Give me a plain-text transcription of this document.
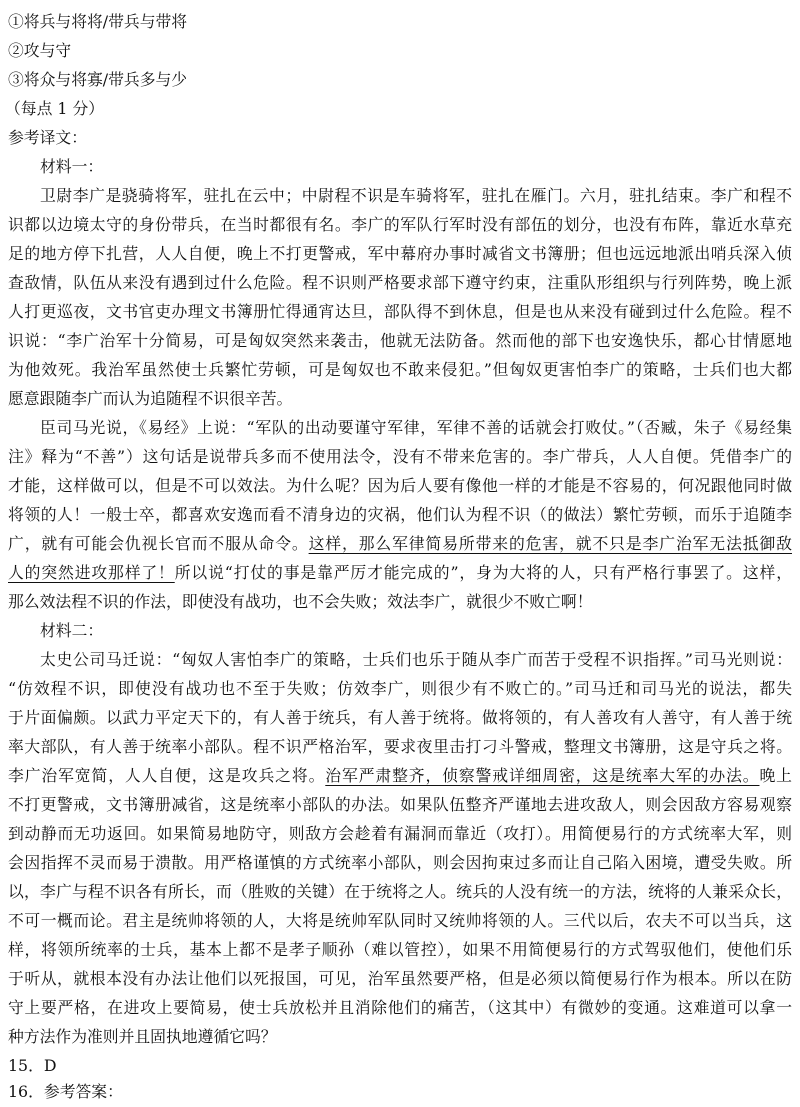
①将兵与将将/带兵与带将
②攻与守
③将众与将寡/带兵多与少
（每点 1 分）
参考译文：
材料一：
卫尉李广是骁骑将军，驻扎在云中；中尉程不识是车骑将军，驻扎在雁门。六月，驻扎结束。李广和程不
识都以边境太守的身份带兵，在当时都很有名。李广的军队行军时没有部伍的划分，也没有布阵，靠近水草充
足的地方停下扎营，人人自便，晚上不打更警戒，军中幕府办事时减省文书簿册；但也远远地派出哨兵深入侦
查敌情，队伍从来没有遇到过什么危险。程不识则严格要求部下遵守约束，注重队形组织与行列阵势，晚上派
人打更巡夜，文书官吏办理文书簿册忙得通宵达旦，部队得不到休息，但是也从来没有碰到过什么危险。程不
识说：“李广治军十分简易，可是匈奴突然来袭击，他就无法防备。然而他的部下也安逸快乐，都心甘情愿地
为他效死。我治军虽然使士兵繁忙劳顿，可是匈奴也不敢来侵犯。”但匈奴更害怕李广的策略，士兵们也大都
愿意跟随李广而认为追随程不识很辛苦。
臣司马光说，《易经》上说：“军队的出动要谨守军律，军律不善的话就会打败仗。”（否臧，朱子《易经集
注》释为“不善”）这句话是说带兵多而不使用法令，没有不带来危害的。李广带兵，人人自便。凭借李广的
才能，这样做可以，但是不可以效法。为什么呢？因为后人要有像他一样的才能是不容易的，何况跟他同时做
将领的人！一般士卒，都喜欢安逸而看不清身边的灾祸，他们认为程不识（的做法）繁忙劳顿，而乐于追随李
广，就有可能会仇视长官而不服从命令。这样，那么军律简易所带来的危害，就不只是李广治军无法抵御敌
人的突然进攻那样了！所以说“打仗的事是靠严厉才能完成的”，身为大将的人，只有严格行事罢了。这样，
那么效法程不识的作法，即使没有战功，也不会失败；效法李广，就很少不败亡啊！
材料二：
太史公司马迁说：“匈奴人害怕李广的策略，士兵们也乐于随从李广而苦于受程不识指挥。”司马光则说：
“仿效程不识，即使没有战功也不至于失败；仿效李广，则很少有不败亡的。”司马迁和司马光的说法，都失
于片面偏颇。以武力平定天下的，有人善于统兵，有人善于统将。做将领的，有人善攻有人善守，有人善于统
率大部队，有人善于统率小部队。程不识严格治军，要求夜里击打刁斗警戒，整理文书簿册，这是守兵之将。
李广治军宽简，人人自便，这是攻兵之将。治军严肃整齐，侦察警戒详细周密，这是统率大军的办法。晚上
不打更警戒，文书簿册减省，这是统率小部队的办法。如果队伍整齐严谨地去进攻敌人，则会因敌方容易观察
到动静而无功返回。如果简易地防守，则敌方会趁着有漏洞而靠近（攻打）。用简便易行的方式统率大军，则
会因指挥不灵而易于溃散。用严格谨慎的方式统率小部队，则会因拘束过多而让自己陷入困境，遭受失败。所
以，李广与程不识各有所长，而（胜败的关键）在于统将之人。统兵的人没有统一的方法，统将的人兼采众长，
不可一概而论。君主是统帅将领的人，大将是统帅军队同时又统帅将领的人。三代以后，农夫不可以当兵，这
样，将领所统率的士兵，基本上都不是孝子顺孙（难以管控），如果不用简便易行的方式驾驭他们，使他们乐
于听从，就根本没有办法让他们以死报国，可见，治军虽然要严格，但是必须以简便易行作为根本。所以在防
守上要严格，在进攻上要简易，使士兵放松并且消除他们的痛苦，（这其中）有微妙的变通。这难道可以拿一
种方法作为准则并且固执地遵循它吗？
15．D
16．参考答案：
